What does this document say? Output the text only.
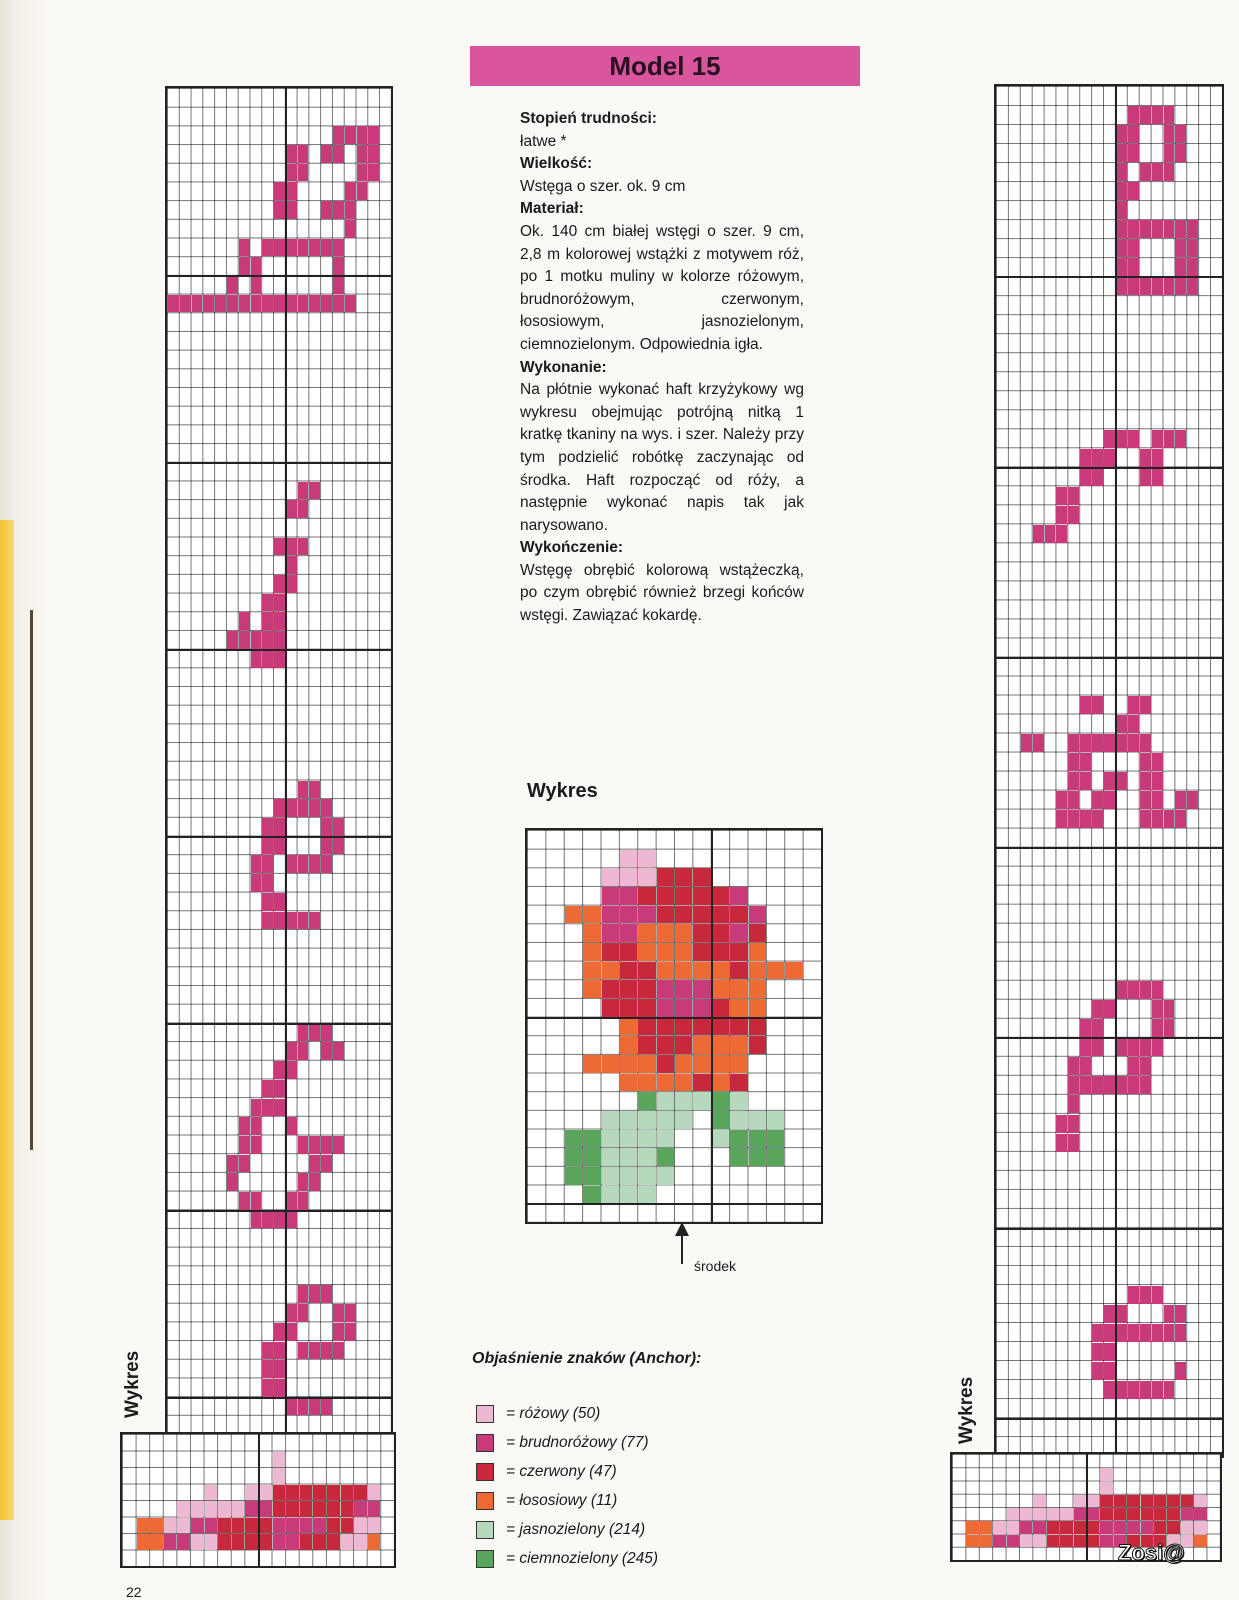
Model 15
Stopień trudności:
łatwe *
Wielkość:
Wstęga o szer. ok. 9 cm
Materiał:
Ok. 140 cm białej wstęgi o szer. 9 cm, 2,8 m kolorowej wstążki z motywem róż, po 1 motku muliny w kolorze różowym, brudnoróżowym, czerwonym, łososiowym, jasnozielonym, ciemnozielonym. Odpowiednia igła.
Wykonanie:
Na płótnie wykonać haft krzyżykowy wg wykresu obejmując potrójną nitką 1 kratkę tkaniny na wys. i szer. Należy przy tym podzielić robótkę zaczynając od środka. Haft rozpocząć od róży, a następnie wykonać napis tak jak narysowano.
Wykończenie:
Wstęgę obrębić kolorową wstążeczką, po czym obrębić również brzegi końców wstęgi. Zawiązać kokardę.
Wykres	Wykres
Wykres
środek
Objaśnienie znaków (Anchor):
= różowy (50)
= brudnoróżowy (77)
= czerwony (47)
= łososiowy (11)
= jasnozielony (214)
= ciemnozielony (245)
22
Zosi@
